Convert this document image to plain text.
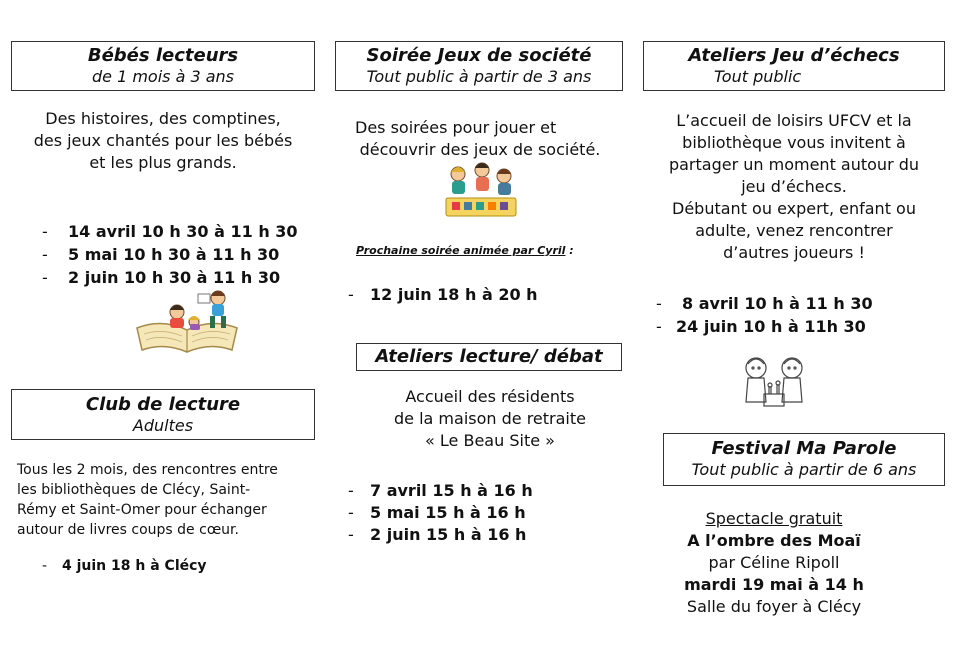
Bébés lecteurs
de 1 mois à 3 ans
Des histoires, des comptines,
des jeux chantés pour les bébés
et les plus grands.
- 14 avril 10 h 30 à 11 h 30
- 5 mai 10 h 30 à 11 h 30
- 2 juin 10 h 30 à 11 h 30
Club de lecture
Adultes
Tous les 2 mois, des rencontres entre
les bibliothèques de Clécy, Saint-
Rémy et Saint-Omer pour échanger
autour de livres coups de cœur.
- 4 juin 18 h à Clécy
Soirée Jeux de société
Tout public à partir de 3 ans
Des soirées pour jouer et
découvrir des jeux de société.
Prochaine soirée animée par Cyril :
- 12 juin 18 h à 20 h
Ateliers lecture/ débat
Accueil des résidents
de la maison de retraite
« Le Beau Site »
- 7 avril 15 h à 16 h
- 5 mai 15 h à 16 h
- 2 juin 15 h à 16 h
Ateliers Jeu d’échecs
Tout public
L’accueil de loisirs UFCV et la
bibliothèque vous invitent à
partager un moment autour du
jeu d’échecs.
Débutant ou expert, enfant ou
adulte, venez rencontrer
d’autres joueurs !
- 8 avril 10 h à 11 h 30
- 24 juin 10 h à 11h 30
Festival Ma Parole
Tout public à partir de 6 ans
Spectacle gratuit
A l’ombre des Moaï
par Céline Ripoll
mardi 19 mai à 14 h
Salle du foyer à Clécy
